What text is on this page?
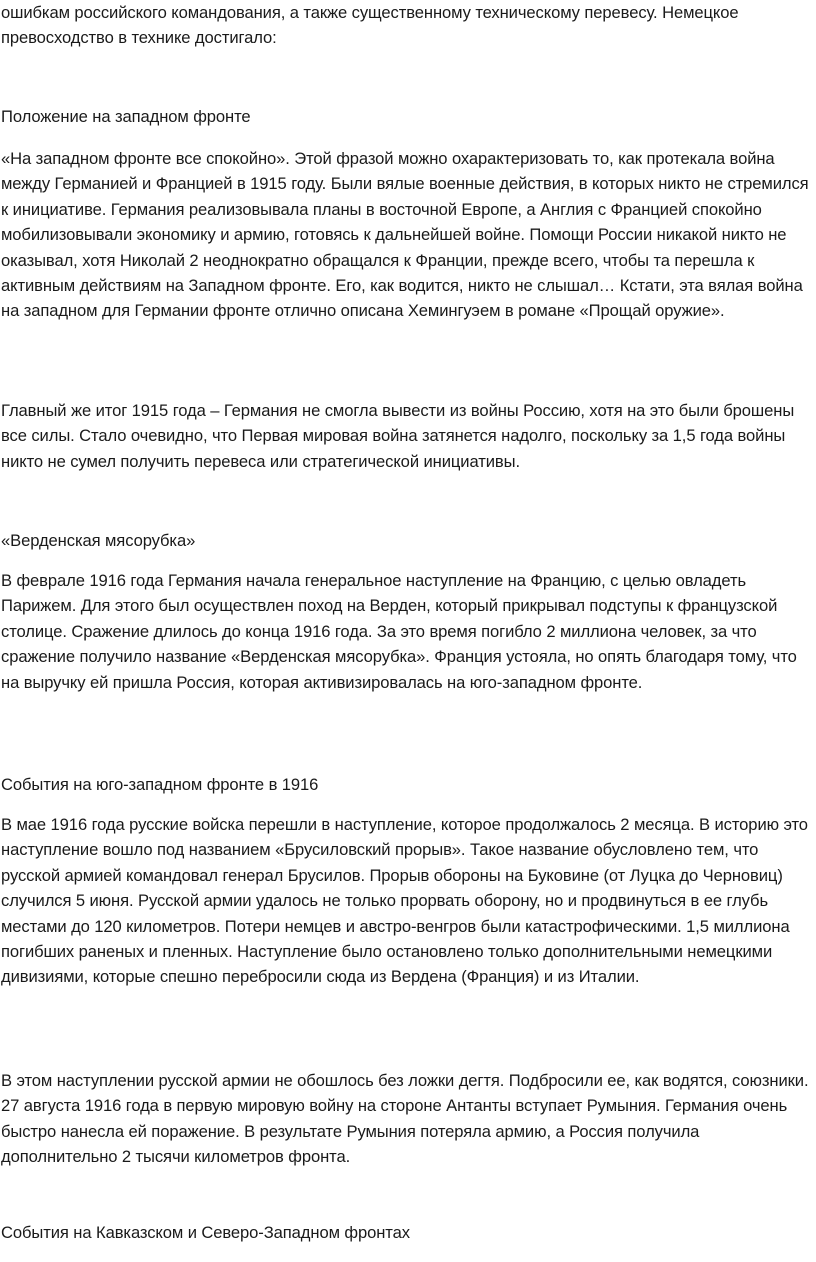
ошибкам российского командования, а также существенному техническому перевесу. Немецкое превосходство в технике достигало:

Положение на западном фронте

«На западном фронте все спокойно». Этой фразой можно охарактеризовать то, как протекала война между Германией и Францией в 1915 году. Были вялые военные действия, в которых никто не стремился к инициативе. Германия реализовывала планы в восточной Европе, а Англия с Францией спокойно мобилизовывали экономику и армию, готовясь к дальнейшей войне. Помощи России никакой никто не оказывал, хотя Николай 2 неоднократно обращался к Франции, прежде всего, чтобы та перешла к активным действиям на Западном фронте. Его, как водится, никто не слышал… Кстати, эта вялая война на западном для Германии фронте отлично описана Хемингуэем в романе «Прощай оружие».

Главный же итог 1915 года – Германия не смогла вывести из войны Россию, хотя на это были брошены все силы. Стало очевидно, что Первая мировая война затянется надолго, поскольку за 1,5 года войны никто не сумел получить перевеса или стратегической инициативы.

«Верденская мясорубка»

В феврале 1916 года Германия начала генеральное наступление на Францию, с целью овладеть Парижем. Для этого был осуществлен поход на Верден, который прикрывал подступы к французской столице. Сражение длилось до конца 1916 года. За это время погибло 2 миллиона человек, за что сражение получило название «Верденская мясорубка». Франция устояла, но опять благодаря тому, что на выручку ей пришла Россия, которая активизировалась на юго-западном фронте.

События на юго-западном фронте в 1916

В мае 1916 года русские войска перешли в наступление, которое продолжалось 2 месяца. В историю это наступление вошло под названием «Брусиловский прорыв». Такое название обусловлено тем, что русской армией командовал генерал Брусилов. Прорыв обороны на Буковине (от Луцка до Черновиц) случился 5 июня. Русской армии удалось не только прорвать оборону, но и продвинуться в ее глубь местами до 120 километров. Потери немцев и австро-венгров были катастрофическими. 1,5 миллиона погибших раненых и пленных. Наступление было остановлено только дополнительными немецкими дивизиями, которые спешно перебросили сюда из Вердена (Франция) и из Италии.

В этом наступлении русской армии не обошлось без ложки дегтя. Подбросили ее, как водятся, союзники. 27 августа 1916 года в первую мировую войну на стороне Антанты вступает Румыния. Германия очень быстро нанесла ей поражение. В результате Румыния потеряла армию, а Россия получила дополнительно 2 тысячи километров фронта.

События на Кавказском и Северо-Западном фронтах
